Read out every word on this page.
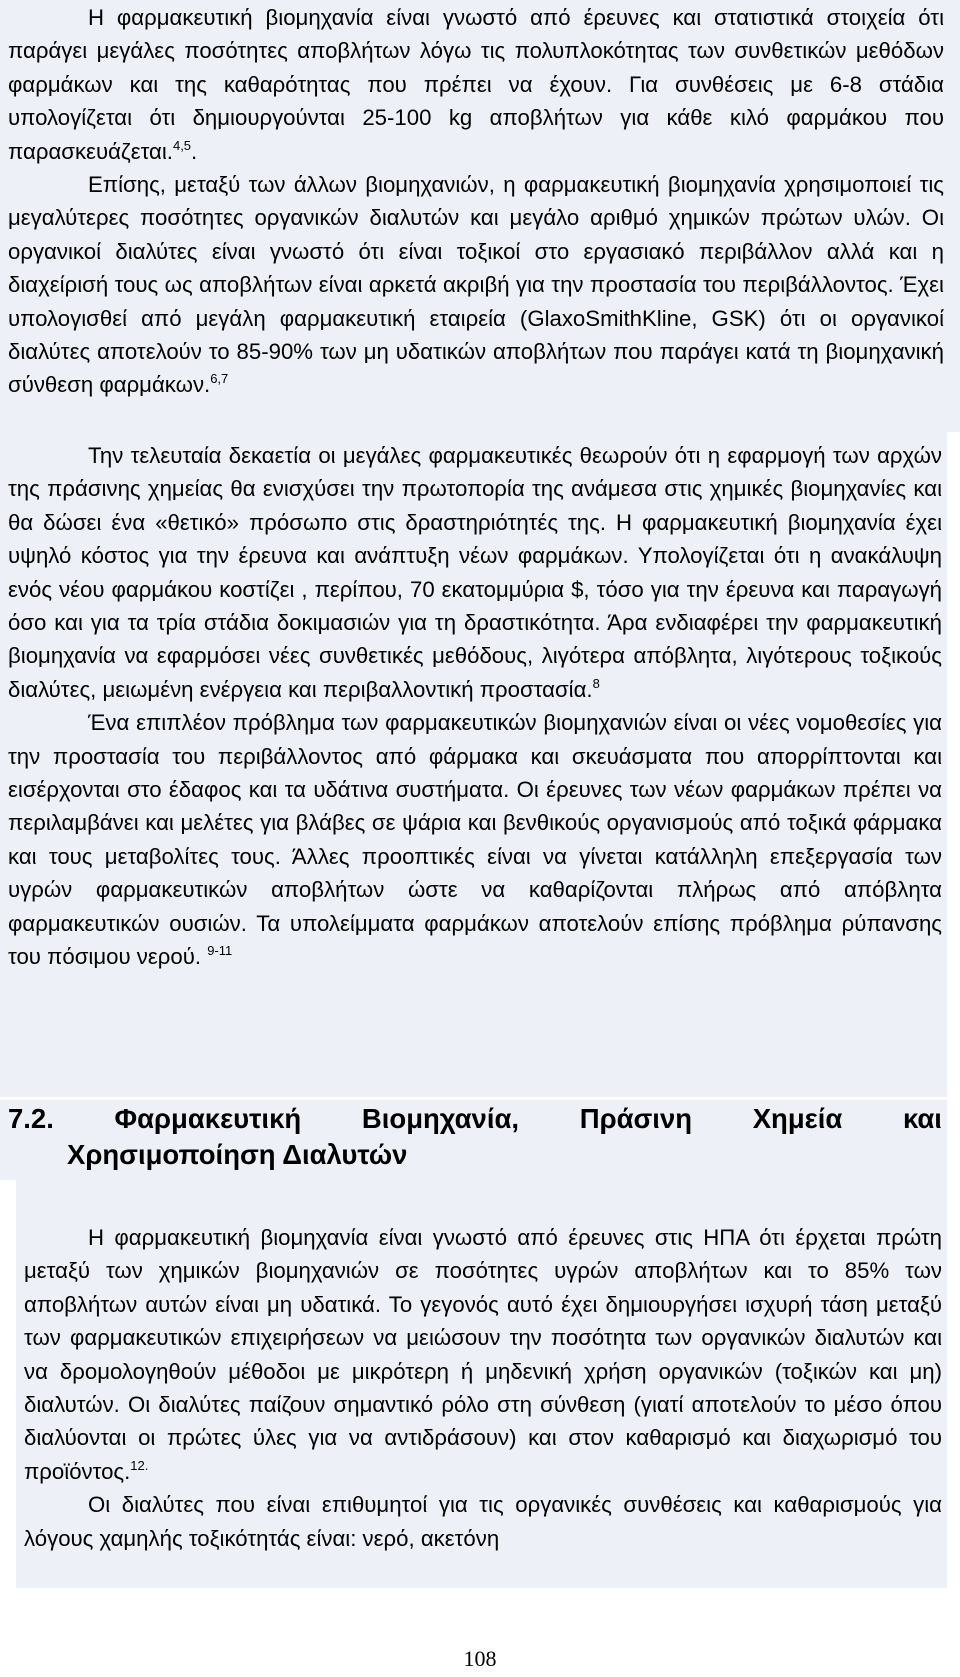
Η φαρμακευτική βιομηχανία είναι γνωστό από έρευνες και στατιστικά στοιχεία ότι παράγει μεγάλες ποσότητες αποβλήτων λόγω τις πολυπλοκότητας των συνθετικών μεθόδων φαρμάκων και της καθαρότητας που πρέπει να έχουν. Για συνθέσεις με 6-8 στάδια υπολογίζεται ότι δημιουργούνται 25-100 kg αποβλήτων για κάθε κιλό φαρμάκου που παρασκευάζεται.$^{4,5}$.

Επίσης, μεταξύ των άλλων βιομηχανιών, η φαρμακευτική βιομηχανία χρησιμοποιεί τις μεγαλύτερες ποσότητες οργανικών διαλυτών και μεγάλο αριθμό χημικών πρώτων υλών. Οι οργανικοί διαλύτες είναι γνωστό ότι είναι τοξικοί στο εργασιακό περιβάλλον αλλά και η διαχείρισή τους ως αποβλήτων είναι αρκετά ακριβή για την προστασία του περιβάλλοντος. Έχει υπολογισθεί από μεγάλη φαρμακευτική εταιρεία (GlaxoSmithKline, GSK) ότι οι οργανικοί διαλύτες αποτελούν το 85-90% των μη υδατικών αποβλήτων που παράγει κατά τη βιομηχανική σύνθεση φαρμάκων.$^{6,7}$

Την τελευταία δεκαετία οι μεγάλες φαρμακευτικές θεωρούν ότι η εφαρμογή των αρχών της πράσινης χημείας θα ενισχύσει την πρωτοπορία της ανάμεσα στις χημικές βιομηχανίες και θα δώσει ένα «θετικό» πρόσωπο στις δραστηριότητές της. Η φαρμακευτική βιομηχανία έχει υψηλό κόστος για την έρευνα και ανάπτυξη νέων φαρμάκων. Υπολογίζεται ότι η ανακάλυψη ενός νέου φαρμάκου κοστίζει , περίπου, 70 εκατομμύρια $, τόσο για την έρευνα και παραγωγή όσο και για τα τρία στάδια δοκιμασιών για τη δραστικότητα. Άρα ενδιαφέρει την φαρμακευτική βιομηχανία να εφαρμόσει νέες συνθετικές μεθόδους, λιγότερα απόβλητα, λιγότερους τοξικούς διαλύτες, μειωμένη ενέργεια και περιβαλλοντική προστασία.$^8$

Ένα επιπλέον πρόβλημα των φαρμακευτικών βιομηχανιών είναι οι νέες νομοθεσίες για την προστασία του περιβάλλοντος από φάρμακα και σκευάσματα που απορρίπτονται και εισέρχονται στο έδαφος και τα υδάτινα συστήματα. Οι έρευνες των νέων φαρμάκων πρέπει να περιλαμβάνει και μελέτες για βλάβες σε ψάρια και βενθικούς οργανισμούς από τοξικά φάρμακα και τους μεταβολίτες τους. Άλλες προοπτικές είναι να γίνεται κατάλληλη επεξεργασία των υγρών φαρμακευτικών αποβλήτων ώστε να καθαρίζονται πλήρως από απόβλητα φαρμακευτικών ουσιών. Τα υπολείμματα φαρμάκων αποτελούν επίσης πρόβλημα ρύπανσης του πόσιμου νερού. $^{9-11}$

7.2. Φαρμακευτική Βιομηχανία, Πράσινη Χημεία και
Χρησιμοποίηση Διαλυτών

Η φαρμακευτική βιομηχανία είναι γνωστό από έρευνες στις ΗΠΑ ότι έρχεται πρώτη μεταξύ των χημικών βιομηχανιών σε ποσότητες υγρών αποβλήτων και το 85% των αποβλήτων αυτών είναι μη υδατικά. Το γεγονός αυτό έχει δημιουργήσει ισχυρή τάση μεταξύ των φαρμακευτικών επιχειρήσεων να μειώσουν την ποσότητα των οργανικών διαλυτών και να δρομολογηθούν μέθοδοι με μικρότερη ή μηδενική χρήση οργανικών (τοξικών και μη) διαλυτών. Οι διαλύτες παίζουν σημαντικό ρόλο στη σύνθεση (γιατί αποτελούν το μέσο όπου διαλύονται οι πρώτες ύλες για να αντιδράσουν) και στον καθαρισμό και διαχωρισμό του προϊόντος.$^{12.}$

Οι διαλύτες που είναι επιθυμητοί για τις οργανικές συνθέσεις και καθαρισμούς για λόγους χαμηλής τοξικότητάς είναι: νερό, ακετόνη

108
